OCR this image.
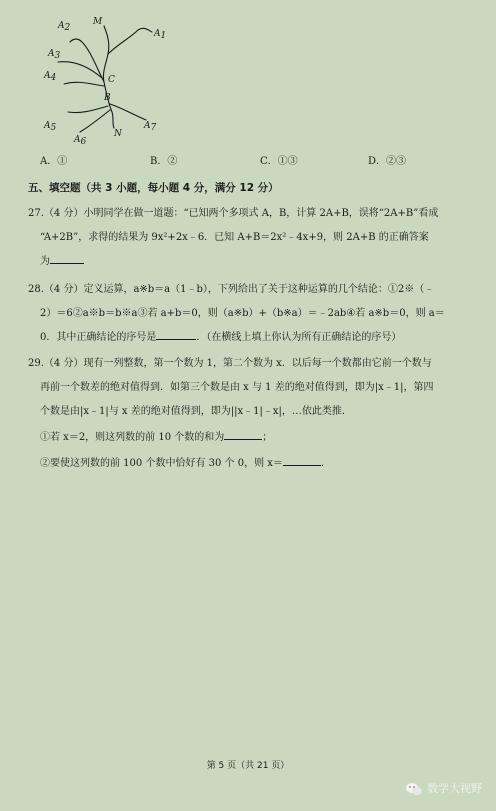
A2
M
A1
A3
A4	C
B
A5
A6
N
A7
A．①	B．②	C．①③	D．②③
五、填空题（共 3 小题，每小题 4 分，满分 12 分）
27.（4 分）小明同学在做一道题：“已知两个多项式 A，B，计算 2A+B，误将“2A+B”看成
“A+2B”，求得的结果为 9x²+2x﹣6．已知 A+B＝2x²﹣4x+9，则 2A+B 的正确答案
为
28.（4 分）定义运算，a※b＝a（1﹣b），下列给出了关于这种运算的几个结论：①2※（﹣
2）＝6②a※b＝b※a③若 a+b＝0，则（a※b）+（b※a）＝﹣2ab④若 a※b＝0，则 a＝
0．其中正确结论的序号是	．（在横线上填上你认为所有正确结论的序号）
29.（4 分）现有一列整数，第一个数为 1，第二个数为 x．以后每一个数都由它前一个数与
再前一个数差的绝对值得到．如第三个数是由 x 与 1 差的绝对值得到，即为|x﹣1|，第四
个数是由|x﹣1|与 x 差的绝对值得到，即为||x﹣1|﹣x|，…依此类推．
①若 x＝2，则这列数的前 10 个数的和为	；
②要使这列数的前 100 个数中恰好有 30 个 0，则 x＝	.
第 5 页（共 21 页）
数学大视野
